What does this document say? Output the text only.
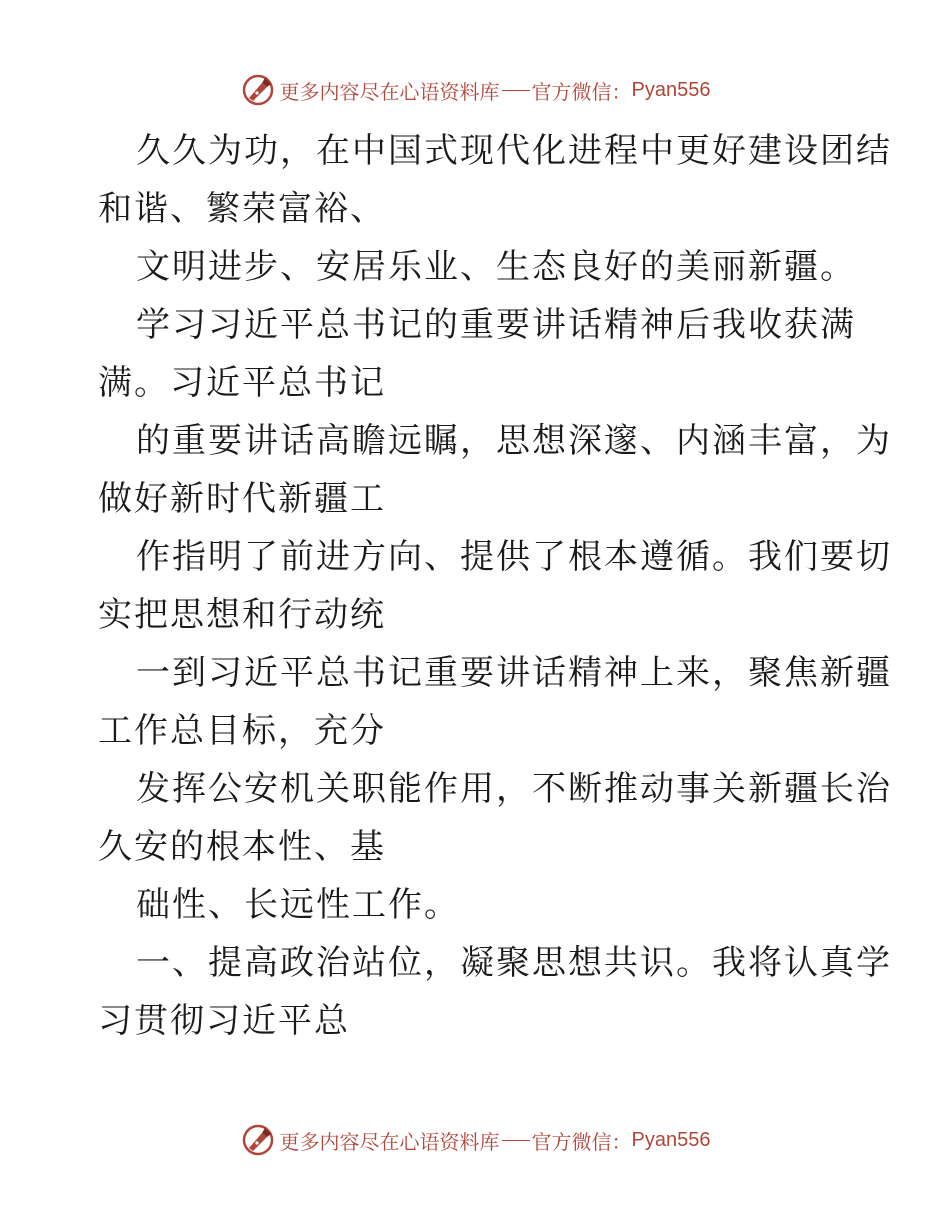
更多内容尽在心语资料库 官方微信： Pyan556
久久为功，在中国式现代化进程中更好建设团结
和谐、繁荣富裕、
文明进步、安居乐业、生态良好的美丽新疆。
学习习近平总书记的重要讲话精神后我收获满
满。习近平总书记
的重要讲话高瞻远瞩，思想深邃、内涵丰富，为
做好新时代新疆工
作指明了前进方向、提供了根本遵循。我们要切
实把思想和行动统
一到习近平总书记重要讲话精神上来，聚焦新疆
工作总目标，充分
发挥公安机关职能作用，不断推动事关新疆长治
久安的根本性、基
础性、长远性工作。
一、提高政治站位，凝聚思想共识。我将认真学
习贯彻习近平总
更多内容尽在心语资料库 官方微信： Pyan556
